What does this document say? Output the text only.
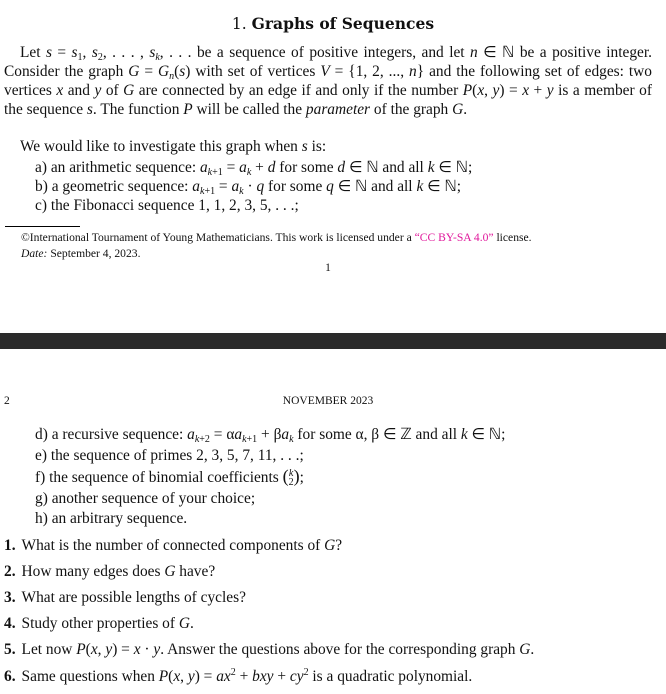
1. Graphs of Sequences
Let $s = s_1$, $s_2$, . . . , $s_k$, . . . be a sequence of positive integers, and let n ∈ ℕ be a positive integer. Consider the graph $G = G_n(s)$ with set of vertices V = {1, 2, ..., n} and the following set of edges: two vertices x and y of G are connected by an edge if and only if the number P(x, y) = x + y is a member of the sequence s. The function P will be called the parameter of the graph G.
We would like to investigate this graph when s is:
a) an arithmetic sequence: $a_{k+1} = a_k + d$ for some d ∈ ℕ and all k ∈ ℕ;
b) a geometric sequence: $a_{k+1} = a_k \cdot q$ for some q ∈ ℕ and all k ∈ ℕ;
c) the Fibonacci sequence 1, 1, 2, 3, 5, . . .;
©International Tournament of Young Mathematicians. This work is licensed under a “CC BY-SA 4.0” license.
Date: September 4, 2023.
1
2	NOVEMBER 2023
d) a recursive sequence: $a_{k+2} = \alpha a_{k+1} + \beta a_k$ for some α, β ∈ ℤ and all k ∈ ℕ;
e) the sequence of primes 2, 3, 5, 7, 11, . . .;
f) the sequence of binomial coefficients (k
2);
g) another sequence of your choice;
h) an arbitrary sequence.
1. What is the number of connected components of G?
2. How many edges does G have?
3. What are possible lengths of cycles?
4. Study other properties of G.
5. Let now P(x, y) = x · y. Answer the questions above for the corresponding graph G.
6. Same questions when P(x, $y) = ax^2$ + bxy + $cy^2$ is a quadratic polynomial.
